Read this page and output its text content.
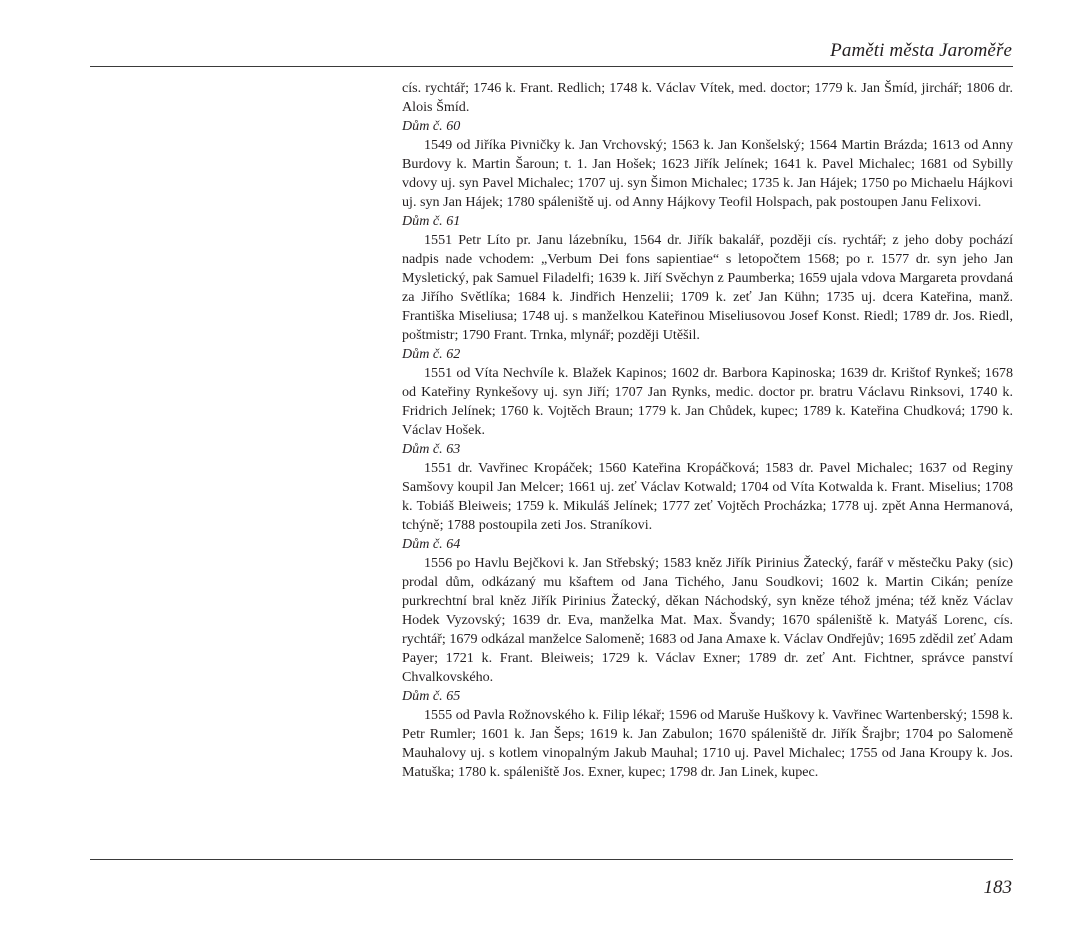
Paměti města Jaroměře

cís. rychtář; 1746 k. Frant. Redlich; 1748 k. Václav Vítek, med. doctor; 1779 k. Jan Šmíd, jirchář; 1806 dr. Alois Šmíd.

Dům č. 60

1549 od Jiříka Pivničky k. Jan Vrchovský; 1563 k. Jan Konšelský; 1564 Martin Brázda; 1613 od Anny Burdovy k. Martin Šaroun; t. 1. Jan Hošek; 1623 Jiřík Jelínek; 1641 k. Pavel Michalec; 1681 od Sybilly vdovy uj. syn Pavel Michalec; 1707 uj. syn Šimon Michalec; 1735 k. Jan Hájek; 1750 po Michaelu Hájkovi uj. syn Jan Hájek; 1780 spáleniště uj. od Anny Hájkovy Teofil Holspach, pak postoupen Janu Felixovi.

Dům č. 61

1551 Petr Líto pr. Janu lázebníku, 1564 dr. Jiřík bakalář, později cís. rychtář; z jeho doby pochází nadpis nade vchodem: „Verbum Dei fons sapientiae“ s letopočtem 1568; po r. 1577 dr. syn jeho Jan Mysletický, pak Samuel Filadelfi; 1639 k. Jiří Svěchyn z Paumberka; 1659 ujala vdova Margareta provdaná za Jiřího Světlíka; 1684 k. Jindřich Henzelii; 1709 k. zeť Jan Kühn; 1735 uj. dcera Kateřina, manž. Františka Miseliusa; 1748 uj. s manželkou Kateřinou Miseliusovou Josef Konst. Riedl; 1789 dr. Jos. Riedl, poštmistr; 1790 Frant. Trnka, mlynář; později Utěšil.

Dům č. 62

1551 od Víta Nechvíle k. Blažek Kapinos; 1602 dr. Barbora Kapinoska; 1639 dr. Krištof Rynkeš; 1678 od Kateřiny Rynkešovy uj. syn Jiří; 1707 Jan Rynks, medic. doctor pr. bratru Václavu Rinksovi, 1740 k. Fridrich Jelínek; 1760 k. Vojtěch Braun; 1779 k. Jan Chůdek, kupec; 1789 k. Kateřina Chudková; 1790 k. Václav Hošek.

Dům č. 63

1551 dr. Vavřinec Kropáček; 1560 Kateřina Kropáčková; 1583 dr. Pavel Michalec; 1637 od Reginy Samšovy koupil Jan Melcer; 1661 uj. zeť Václav Kotwald; 1704 od Víta Kotwalda k. Frant. Miselius; 1708 k. Tobiáš Bleiweis; 1759 k. Mikuláš Jelínek; 1777 zeť Vojtěch Procházka; 1778 uj. zpět Anna Hermanová, tchýně; 1788 postoupila zeti Jos. Straníkovi.

Dům č. 64

1556 po Havlu Bejčkovi k. Jan Střebský; 1583 kněz Jiřík Pirinius Žatecký, farář v městečku Paky (sic) prodal dům, odkázaný mu kšaftem od Jana Tichého, Janu Soudkovi; 1602 k. Martin Cikán; peníze purkrechtní bral kněz Jiřík Pirinius Žatecký, děkan Náchodský, syn kněze téhož jména; též kněz Václav Hodek Vyzovský; 1639 dr. Eva, manželka Mat. Max. Švandy; 1670 spáleniště k. Matyáš Lorenc, cís. rychtář; 1679 odkázal manželce Salomeně; 1683 od Jana Amaxe k. Václav Ondřejův; 1695 zdědil zeť Adam Payer; 1721 k. Frant. Bleiweis; 1729 k. Václav Exner; 1789 dr. zeť Ant. Fichtner, správce panství Chvalkovského.

Dům č. 65

1555 od Pavla Rožnovského k. Filip lékař; 1596 od Maruše Huškovy k. Vavřinec Wartenberský; 1598 k. Petr Rumler; 1601 k. Jan Šeps; 1619 k. Jan Zabulon; 1670 spáleniště dr. Jiřík Šrajbr; 1704 po Salomeně Mauhalovy uj. s kotlem vinopalným Jakub Mauhal; 1710 uj. Pavel Michalec; 1755 od Jana Kroupy k. Jos. Matuška; 1780 k. spáleniště Jos. Exner, kupec; 1798 dr. Jan Linek, kupec.

183
